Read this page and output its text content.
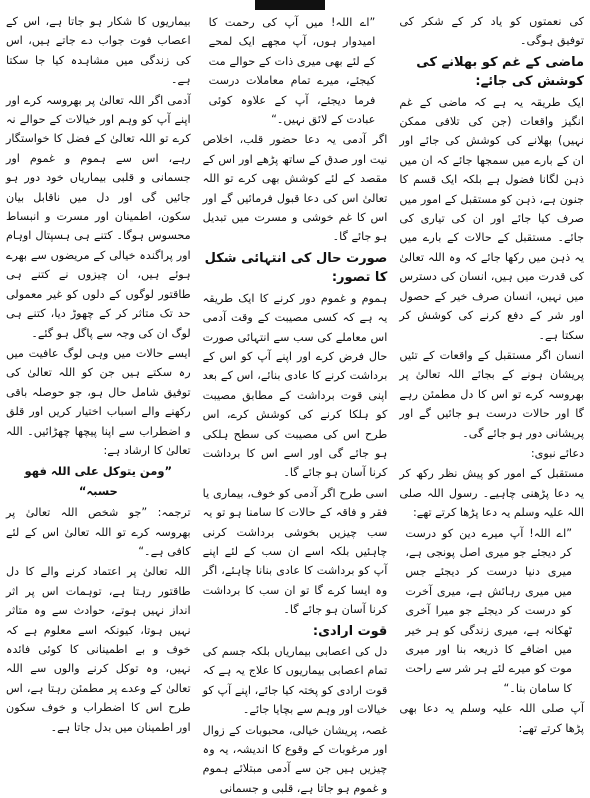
کی نعمتوں کو یاد کر کے شکر کی توفیق ہوگی۔

ماضی کے غم کو بھلانے کی کوشش کی جائے:

ایک طریقہ یہ ہے کہ ماضی کے غم انگیز واقعات (جن کی تلافی ممکن نہیں) بھلانے کی کوشش کی جائے اور ان کے بارے میں سمجھا جائے کہ ان میں ذہن لگانا فضول ہے بلکہ ایک قسم کا جنون ہے، ذہن کو مستقبل کے امور میں صرف کیا جائے اور ان کی تیاری کی جائے۔ مستقبل کے حالات کے بارے میں یہ ذہن میں رکھا جائے کہ وہ اللہ تعالیٰ کی قدرت میں ہیں، انسان کی دسترس میں نہیں، انسان صرف خیر کے حصول اور شر کے دفع کرنے کی کوشش کر سکتا ہے۔

انسان اگر مستقبل کے واقعات کے تئیں پریشان ہونے کے بجائے اللہ تعالیٰ پر بھروسہ کرے تو اس کا دل مطمئن رہے گا اور حالات درست ہو جائیں گے اور پریشانی دور ہو جائے گی۔

دعائے نبوی:

مستقبل کے امور کو پیش نظر رکھ کر یہ دعا پڑھنی چاہیے۔ رسول اللہ صلی اللہ علیہ وسلم یہ دعا پڑھا کرتے تھے:

”اے اللہ! آپ میرے دین کو درست کر دیجئے جو میری اصل پونجی ہے، میری دنیا درست کر دیجئے جس میں میری رہائش ہے، میری آخرت کو درست کر دیجئے جو میرا آخری ٹھکانہ ہے، میری زندگی کو ہر خیر میں اضافے کا ذریعہ بنا اور میری موت کو میرے لئے ہر شر سے راحت کا سامان بنا۔“

آپ صلی اللہ علیہ وسلم یہ دعا بھی پڑھا کرتے تھے:

”اے اللہ! میں آپ کی رحمت کا امیدوار ہوں، آپ مجھے ایک لمحے کے لئے بھی میری ذات کے حوالے مت کیجئے، میرے تمام معاملات درست فرما دیجئے، آپ کے علاوہ کوئی عبادت کے لائق نہیں۔“

اگر آدمی یہ دعا حضور قلب، اخلاص نیت اور صدق کے ساتھ پڑھے اور اس کے مقصد کے لئے کوشش بھی کرے تو اللہ تعالیٰ اس کی دعا قبول فرمائیں گے اور اس کا غم خوشی و مسرت میں تبدیل ہو جائے گا۔

صورت حال کی انتہائی شکل کا تصور:

ہموم و غموم دور کرنے کا ایک طریقہ یہ ہے کہ کسی مصیبت کے وقت آدمی اس معاملے کی سب سے انتہائی صورت حال فرض کرے اور اپنے آپ کو اس کے برداشت کرنے کا عادی بنائے، اس کے بعد اپنی قوت برداشت کے مطابق مصیبت کو ہلکا کرنے کی کوشش کرے، اس طرح اس کی مصیبت کی سطح ہلکی ہو جائے گی اور اسے اس کا برداشت کرنا آسان ہو جائے گا۔

اسی طرح اگر آدمی کو خوف، بیماری یا فقر و فاقہ کے حالات کا سامنا ہو تو یہ سب چیزیں بخوشی برداشت کرنی چاہئیں بلکہ اسے ان سب کے لئے اپنے آپ کو برداشت کا عادی بنانا چاہئے، اگر وہ ایسا کرے گا تو ان سب کا برداشت کرنا آسان ہو جائے گا۔

قوت ارادی:

دل کی اعصابی بیماریاں بلکہ جسم کی تمام اعصابی بیماریوں کا علاج یہ ہے کہ قوت ارادی کو پختہ کیا جائے، اپنے آپ کو خیالات اور وہم سے بچایا جائے۔

غصہ، پریشان خیالی، محبوبات کے زوال اور مرغوبات کے وقوع کا اندیشہ، یہ وہ چیزیں ہیں جن سے آدمی مبتلائے ہموم و غموم ہو جاتا ہے، قلبی و جسمانی

بیماریوں کا شکار ہو جاتا ہے، اس کے اعصاب فوت جواب دے جاتے ہیں، اس کی زندگی میں مشاہدہ کیا جا سکتا ہے۔

آدمی اگر اللہ تعالیٰ پر بھروسہ کرے اور اپنے آپ کو وہم اور خیالات کے حوالے نہ کرے تو اللہ تعالیٰ کے فضل کا خواستگار رہے، اس سے ہموم و غموم اور جسمانی و قلبی بیماریاں خود دور ہو جائیں گی اور دل میں ناقابل بیان سکون، اطمینان اور مسرت و انبساط محسوس ہوگا۔ کتنے ہی ہسپتال اوہام اور پراگندہ خیالی کے مریضوں سے بھرے ہوئے ہیں، ان چیزوں نے کتنے ہی طاقتور لوگوں کے دلوں کو غیر معمولی حد تک متاثر کر کے چھوڑ دیا، کتنے ہی لوگ ان کی وجہ سے پاگل ہو گئے۔

ایسے حالات میں وہی لوگ عافیت میں رہ سکتے ہیں جن کو اللہ تعالیٰ کی توفیق شامل حال ہو، جو حوصلہ باقی رکھنے والے اسباب اختیار کریں اور قلق و اضطراب سے اپنا پیچھا چھڑائیں۔ اللہ تعالیٰ کا ارشاد ہے:

”ومن یتوکل علی اللہ فھو حسبہ“

ترجمہ: ”جو شخص اللہ تعالیٰ پر بھروسہ کرے تو اللہ تعالیٰ اس کے لئے کافی ہے۔“

اللہ تعالیٰ پر اعتماد کرنے والے کا دل طاقتور رہتا ہے، توہمات اس پر اثر انداز نہیں ہوتے، حوادث سے وہ متاثر نہیں ہوتا، کیونکہ اسے معلوم ہے کہ خوف و بے اطمینانی کا کوئی فائدہ نہیں، وہ توکل کرنے والوں سے اللہ تعالیٰ کے وعدے پر مطمئن رہتا ہے، اس طرح اس کا اضطراب و خوف سکون اور اطمینان میں بدل جاتا ہے۔
